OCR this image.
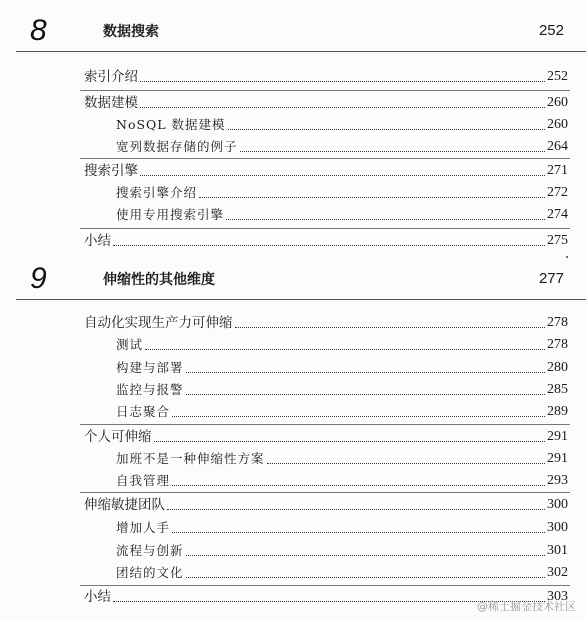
8	数据搜索	252
索引介绍	252
数据建模	260
NoSQL 数据建模	260
宽列数据存储的例子	264
搜索引擎	271
搜索引擎介绍	272
使用专用搜索引擎	274
小结	275
9	伸缩性的其他维度	277
自动化实现生产力可伸缩	278
测试	278
构建与部署	280
监控与报警	285
日志聚合	289
个人可伸缩	291
加班不是一种伸缩性方案	291
自我管理	293
伸缩敏捷团队	300
增加人手	300
流程与创新	301
团结的文化	302
小结	303
@稀土掘金技术社区
